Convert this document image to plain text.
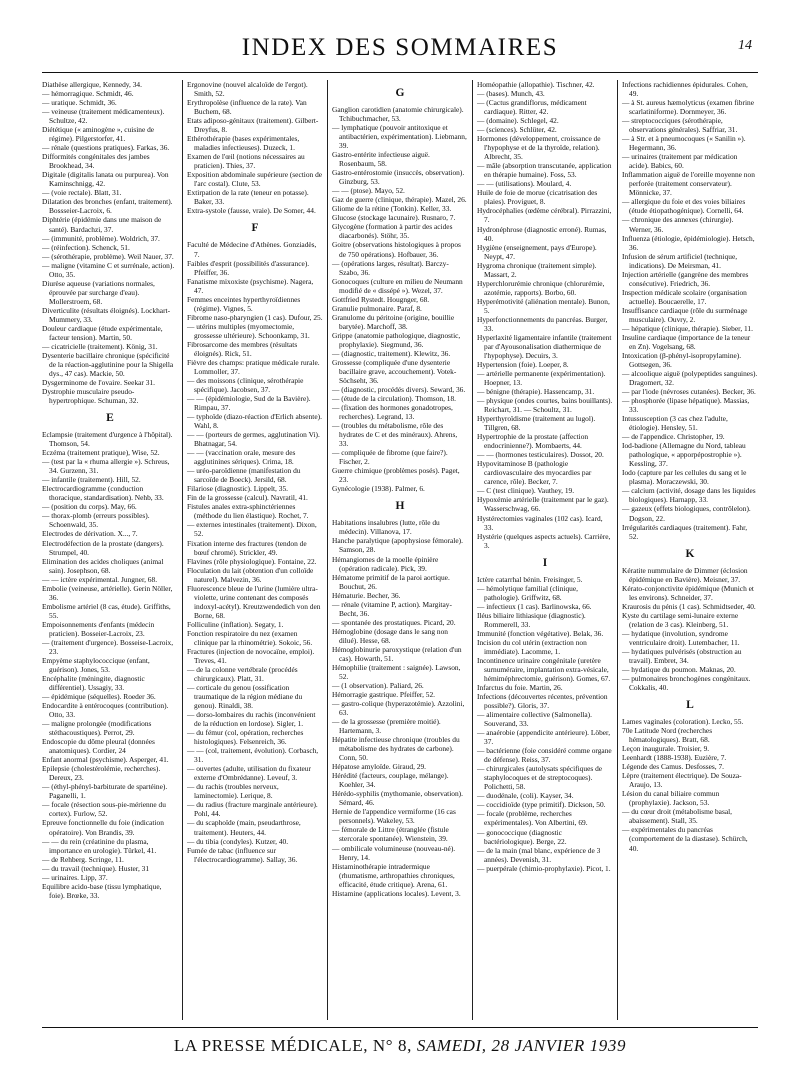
INDEX DES SOMMAIRES	14
Diathèse allergique, Kennedy, 34.
— hémorragique. Schmidt, 46.
— uratique. Schmidt, 36.
— veineuse (traitement médicamenteux). Schultze, 42.
Diététique (« aminogène », cuisine de régime). Pilgerstorfer, 41.
— rénale (questions pratiques). Farkas, 36.
Difformités congénitales des jambes Brookhead, 34.
Digitale (digitalis lanata ou purpurea). Von Kaminschnigg, 42.
— (voie rectale). Blatt, 31.
Dilatation des bronches (enfant, traitement). Bossseier-Lacroix, 6.
Diphtérie (épidémie dans une maison de santé). Bardachzi, 37.
— (immunité, problème). Woldrich, 37.
— (réinfection). Schenck, 51.
— (sérothérapie, problème). Weil Nauer, 37.
— maligne (vitamine C et surrénale, action). Otto, 35.
Diurèse aqueuse (variations normales, éprouvée par surcharge d'eau). Mollerstroem, 68.
Diverticulite (résultats éloignés). Lockhart-Mummery, 33.
Douleur cardiaque (étude expérimentale, facteur tension). Martin, 50.
— cicatricielle (traitement). König, 31.
Dysenterie bacillaire chronique (spécificité de la réaction-agglutinine pour la Shigella dys., 47 cas). Mackie, 50.
Dysgerminome de l'ovaire. Seekar 31.
Dystrophie musculaire pseudo-hypertrophique. Schuman, 32.
E
Eclampsie (traitement d'urgence à l'hôpital). Thomson, 54.
Eczéma (traitement pratique), Wise, 52.
— (test par la « rhuma allergie »). Schreus, 34. Gurzenn, 31.
— infantile (traitement). Hill, 52.
Electrocardiogramme (conduction thoracique, standardisation). Nehb, 33.
— (position du corps). May, 66.
— thorax-plomb (erreurs possibles). Schoenwald, 35.
Electrodes de dérivation. X..., 7.
Electrodéfection de la prostate (dangers). Strumpel, 40.
Elimination des acides choliques (animal sain). Josephson, 68.
— — ictère expérimental. Jungner, 68.
Embolie (veineuse, artérielle). Gerin Nöller, 36.
Embolisme artériel (8 cas, étude). Griffiths, 55.
Empoisonnements d'enfants (médecin praticien). Bosseier-Lacroix, 23.
— (traitement d'urgence). Bosseise-Lacroix, 23.
Empyème staphylococcique (enfant, guérison). Jones, 53.
Encéphalite (méningite, diagnostic différentiel). Ussagiy, 33.
— épidémique (séquelles). Roeder 36.
Endocardite à entérocoques (contribution). Otto, 33.
— maligne prolongée (modifications stéthacoustiques). Perrot, 29.
Endoscopie du dôme pleural (données anatomiques). Cordier, 24
Enfant anormal (psychisme). Asperger, 41.
Epilepsie (cholestérolémie, recherches). Dereux, 23.
— (éthyl-phényl-barbiturate de spartéine). Paganelli, 1.
— focale (résection sous-pie-mérienne du cortex). Furlow, 52.
Epreuve fonctionnelle du foie (indication opératoire). Von Brandis, 39.
— — du rein (créatinine du plasma, importance en urologie). Türkel, 41.
— de Rehberg. Scringe, 11.
— du travail (technique). Huster, 31
— urinaires. Lipp, 37.
Equilibre acido-base (tissu lymphatique, foie). Brœke, 33.
Ergonovine (nouvel alcaloïde de l'ergot). Smith, 52.
Erythropoïèse (influence de la rate). Van Buchem, 68.
Etats adiposo-génitaux (traitement). Gilbert-Dreyfus, 8.
Ethérothérapie (bases expérimentales, maladies infectieuses). Duzeck, 1.
Examen de l'œil (notions nécessaires au praticien). Thies, 37.
Exposition abdominale supérieure (section de l'arc costal). Clute, 53.
Extirpation de la rate (teneur en potasse). Baker, 33.
Extra-systole (fausse, vraie). De Somer, 44.
F
Faculté de Médecine d'Athènes. Gonziadès, 7.
Faibles d'esprit (possibilités d'assurance). Pfeiffer, 36.
Fanatisme mixoxiste (psychisme). Nagera, 47.
Femmes enceintes hyperthyroïdiennes (régime). Vignes, 5.
Fibrome naso-pharyngien (1 cas). Dufour, 25.
— utérins multiples (myomectomie, grossesse ultérieure). Schoonkamp, 31.
Fibrosarcome des membres (résultats éloignés). Rick, 51.
Fièvre des champs: pratique médicale rurale. Lommoller, 37.
— des moissons (clinique, sérothérapie spécifique). Jacobsen, 37.
— — (épidémiologie, Sud de la Bavière). Rimpau, 37.
— typhoïde (diazo-réaction d'Erlich absente). Wahl, 8.
— — (porteurs de germes, agglutination Vi). Bhatnagar, 54.
— — (vaccination orale, mesure des agglutinines sériques). Crima, 18.
— uréo-paroïdienne (manifestation du sarcoïde de Boeck). Jersild, 68.
Filariose (diagnostic). Lippelt, 35.
Fin de la grossesse (calcul). Navratil, 41.
Fistules anales extra-sphinctériennes (méthode du lien élastique). Rochet, 7.
— externes intestinales (traitement). Dixon, 52.
Fixation interne des fractures (tendon de bœuf chromé). Strickler, 49.
Flavines (rôle physiologique). Fontaine, 22.
Floculation du lait (obtention d'un colloïde naturel). Malvezin, 36.
Fluorescence bleue de l'urine (lumière ultra-violette, urine contenant des composés indoxyl-acétyl). Kreutzwendedich von den Borne, 68.
Folliculine (inflation). Segaty, 1.
Fonction respiratoire du nez (examen clinique par la rhinométrie). Sokoic, 56.
Fractures (injection de novocaïne, emploi). Treves, 41.
— de la colonne vertébrale (procédés chirurgicaux). Platt, 31.
— corticale du genou (ossification traumatique de la région médiane du genou). Rinaldi, 38.
— dorso-lombaires du rachis (inconvénient de la réduction en lordose). Sigler, 1.
— du fémur (col, opération, recherches histologiques). Felsenreich, 36.
— — (col, traitement, évolution). Corbasch, 31.
— ouvertes (adulte, utilisation du fixateur externe d'Ombrédanne). Leveuf, 3.
— du rachis (troubles nerveux, laminectomie). Lerique, 8.
— du radius (fracture marginale antérieure). Pohl, 44.
— du scaphoïde (main, pseudarthrose, traitement). Heuters, 44.
— du tibia (condyles). Kutzer, 40.
Fumée de tabac (influence sur l'électrocardiogramme). Sallay, 36.
G
Ganglion carotidien (anatomie chirurgicale). Tchibuchmacher, 53.
— lymphatique (pouvoir antitoxique et antibactérien, expérimentation). Liebmann, 39.
Gastro-entérite infectieuse aiguë. Rosenbaum, 58.
Gastro-entérostomie (insuccès, observation). Ginzburg, 53.
— — (ptose). Mayo, 52.
Gaz de guerre (clinique, thérapie). Mazel, 26.
Gliome de la rétine (Tonkin). Keller, 33.
Glucose (stockage lacunaire). Rusnaro, 7.
Glycogène (formation à partir des acides diacarbonés). Stöhr, 35.
Goitre (observations histologiques à propos de 750 opérations). Hofbauer, 36.
— (opérations larges, résultat). Barczy-Szabo, 36.
Gonocoques (culture en milieu de Neumann modifié de « dissépé »). Wezel, 37.
Gottfried Rystedt. Hougnger, 68.
Granulie pulmonaire. Paraf, 8.
Granulome du péritoine (origine, bouillie barytée). Marchoff, 38.
Grippe (anatomie pathologique, diagnostic, prophylaxie). Siegmund, 36.
— (diagnostic, traitement). Klewitz, 36.
Grossesse (compliquée d'une dysenterie bacillaire grave, accouchement). Votek-Söchseht, 36.
— (diagnostic, procédés divers). Seward, 36.
— (étude de la circulation). Thomson, 18.
— (fixation des hormones gonadotropes, recherches). Legrand, 13.
— (troubles du métabolisme, rôle des hydrates de C et des minéraux). Ahrens, 33.
— compliquée de fibrome (que faire?). Fischer, 2.
Guerre chimique (problèmes posés). Paget, 23.
Gynécologie (1938). Palmer, 6.
H
Habitations insalubres (lutte, rôle du médecin). Villanova, 17.
Hanche paralytique (apophysiose fémorale). Samson, 28.
Hémangiomes de la moelle épinière (opération radicale). Pick, 39.
Hématome primitif de la paroi aortique. Bouchut, 26.
Hématurie. Becher, 36.
— rénale (vitamine P, action). Margitay-Becht, 36.
— spontanée des prostatiques. Picard, 20.
Hémoglobine (dosage dans le sang non dilué). Hesse, 68.
Hémoglobinurie paroxystique (relation d'un cas). Howarth, 51.
Hémophilie (traitement : saignée). Lawson, 52.
— (1 observation). Paliard, 26.
Hémorragie gastrique. Pfeiffer, 52.
— gastro-colique (hyperazotémie). Azzolini, 63.
— de la grossesse (première moitié). Hartemann, 3.
Hépatite infectieuse chronique (troubles du métabolisme des hydrates de carbone). Conn, 50.
Hépatose amyloïde. Giraud, 29.
Hérédité (facteurs, couplage, mélange). Koehler, 34.
Hérédo-syphilis (mythomanie, observation). Sémard, 46.
Hernie de l'appendice vermiforme (16 cas personnels). Wakeley, 53.
— fémorale de Littre (étranglée (fistule stercorale spontanée). Wienstein, 39.
— ombilicale volumineuse (nouveau-né). Henry, 14.
Histaminothérapie intradermique (rhumatisme, arthropathies chroniques, efficacité, étude critique). Arena, 61.
Histamine (applications locales). Levent, 3.
Homéopathie (allopathie). Tischner, 42.
— (bases). Munch, 43.
— (Cactus grandiflorus, médicament cardiaque). Ritter, 42.
— (domaine). Schlegel, 42.
— (sciences). Schlüter, 42.
Hormones (développement, croissance de l'hypophyse et de la thyroïde, relation). Albrecht, 35.
— mâle (absorption transcutanée, application en thérapie humaine). Foss, 53.
— — (utilisations). Moulard, 4.
Huile de foie de morue (cicatrisation des plaies). Proviguet, 8.
Hydrocéphalies (œdème cérébral). Pirrazzini, 7.
Hydronéphrose (diagnostic erroné). Rumas, 40.
Hygiène (enseignement, pays d'Europe). Neypt, 47.
Hygroma chronique (traitement simple). Massart, 2.
Hyperchlorurémie chronique (chlorurémie, azotémie, rapports). Borbo, 60.
Hyperémotivité (aliénation mentale). Bunon, 5.
Hyperfonctionnements du pancréas. Burger, 33.
Hyperlaxité ligamentaire infantile (traitement par d'Ayousonalisation diathermique de l'hypophyse). Decuirs, 3.
Hypertension (foie). Loeper, 8.
— artérielle permanente (expérimentation). Hoepner, 13.
— bénigne (thérapie). Hassencamp, 31.
— physique (ondes courtes, bains bouillants). Reichart, 31. — Schoultz, 31.
Hyperthyroïdisme (traitement au lugol). Tillgren, 68.
Hypertrophie de la prostate (affection endocrinienne?). Mombaerts, 44.
— — (hormones testiculaires). Dossot, 20.
Hypovitaminose B (pathologie cardiovasculaire des myocardies par carence, rôle). Becker, 7.
— C (test clinique). Vauthey, 19.
Hypoxémie artérielle (traitement par le gaz). Wasserschwag, 66.
Hystérectomies vaginales (102 cas). Icard, 33.
Hystérie (quelques aspects actuels). Carrière, 3.
I
Ictère catarrhal bénin. Freisinger, 5.
— hémolytique familial (clinique, pathologie). Griffwitz, 68.
— infectieux (1 cas). Barlinowska, 66.
Iléus biliaire lithiasique (diagnostic). Rommerell, 33.
Immunité (fonction végétative). Belak, 36.
Incision du col utérin (extraction non immédiate). Lacomme, 1.
Incontinence urinaire congénitale (uretère surnuméraire, implantation extra-vésicale, hémiméphrectomie, guérison). Gomes, 67.
Infarctus du foie. Martin, 26.
Infections (découvertes récentes, prévention possible?). Gloris, 37.
— alimentaire collective (Salmonella). Souverand, 33.
— anaérobie (appendicite antérieure). Löber, 37.
— bactérienne (foie considéré comme organe de défense). Reiss, 37.
— chirurgicales (autolysats spécifiques de staphylocoques et de streptocoques). Polichetti, 58.
— duodénale, (coli). Kayser, 34.
— coccidioïde (type primitif). Dickson, 50.
— focale (problème, recherches expérimentales). Von Albertini, 69.
— gonococcique (diagnostic bactériologique). Berge, 22.
— de la main (mal blanc, expérience de 3 années). Devenish, 31.
— puerpérale (chimio-prophylaxie). Picot, 1.
Infections rachidiennes épidurales. Cohen, 49.
— à St. aureus hæmolyticus (examen fibrine scarlatiniforme). Dornmeyer, 36.
— streptococciques (sérothérapie, observations générales). Saffriar, 31.
— à Str. et à pneumocoques (« Sanilin »). Hegermann, 36.
— urinaires (traitement par médication acide). Babics, 60.
Inflammation aiguë de l'oreille moyenne non perforée (traitement conservateur). Mönnicke, 37.
— allergique du foie et des voies biliaires (étude étiopathogénique). Cornelli, 64.
— chronique des annexes (chirurgie). Werner, 36.
Influenza (étiologie, épidémiologie). Hetsch, 36.
Infusion de sérum artificiel (technique, indications). De Meirsman, 41.
Injection artérielle (gangrène des membres consécutive). Friedrich, 36.
Inspection médicale scolaire (organisation actuelle). Boucaerelle, 17.
Insuffisance cardiaque (rôle du surménage musculaire). Ouvry, 2.
— hépatique (clinique, thérapie). Sieber, 11.
Insuline cardiaque (importance de la teneur en Zn). Vogelsang, 68.
Intoxication (β-phényl-isopropylamine). Gottsegen, 36.
— alcoolique aiguë (polypeptides sanguines). Dragomert, 32.
— par l'iode (névroses cutanées). Becker, 36.
— phosphorée (lipase hépatique). Massias, 33.
Intussusception (3 cas chez l'adulte, étiologie). Hensley, 51.
— de l'appendice. Christopher, 19.
Iod-badione (Allemagne du Nord, tableau pathologique, « apporpépostrophie »). Kessling, 37.
Iodo (capture par les cellules du sang et le plasma). Moraczewski, 30.
— calcium (activité, dosage dans les liquides biologiques). Harnapp, 33.
— gazeux (effets biologiques, contrôlelon). Dogson, 22.
Irrégularités cardiaques (traitement). Fahr, 52.
K
Kératite nummulaire de Dimmer (éclosion épidémique en Bavière). Meisner, 37.
Kérato-conjonctivite épidémique (Munich et les environs). Schneider, 37.
Kraurosis du pénis (1 cas). Schmidtseder, 40.
Kyste du cartilage semi-lunaire externe (relation de 3 cas). Kleinberg, 51.
— hydatique (involution, syndrome ventriculaire droit). Lutembacher, 11.
— hydatiques pulvérisés (obstruction au travail). Embret, 34.
— hydatique du poumon. Maknas, 20.
— pulmonaires bronchogènes congénitaux. Cokkalis, 40.
L
Lames vaginales (coloration). Lecko, 55.
70e Latitude Nord (recherches hématologiques). Bratt, 68.
Leçon inaugurale. Troisier, 9.
Leenhardt (1888-1938). Euzière, 7.
Légende des Camus. Desfosses, 7.
Lèpre (traitement électrique). De Souza-Araujo, 13.
Lésion du canal biliaire commun (prophylaxie). Jackson, 53.
— du cœur droit (métabolisme basal, abaissement). Stall, 35.
— expérimentales du pancréas (comportement de la diastase). Schürch, 40.
LA PRESSE MÉDICALE, N° 8, SAMEDI, 28 JANVIER 1939
